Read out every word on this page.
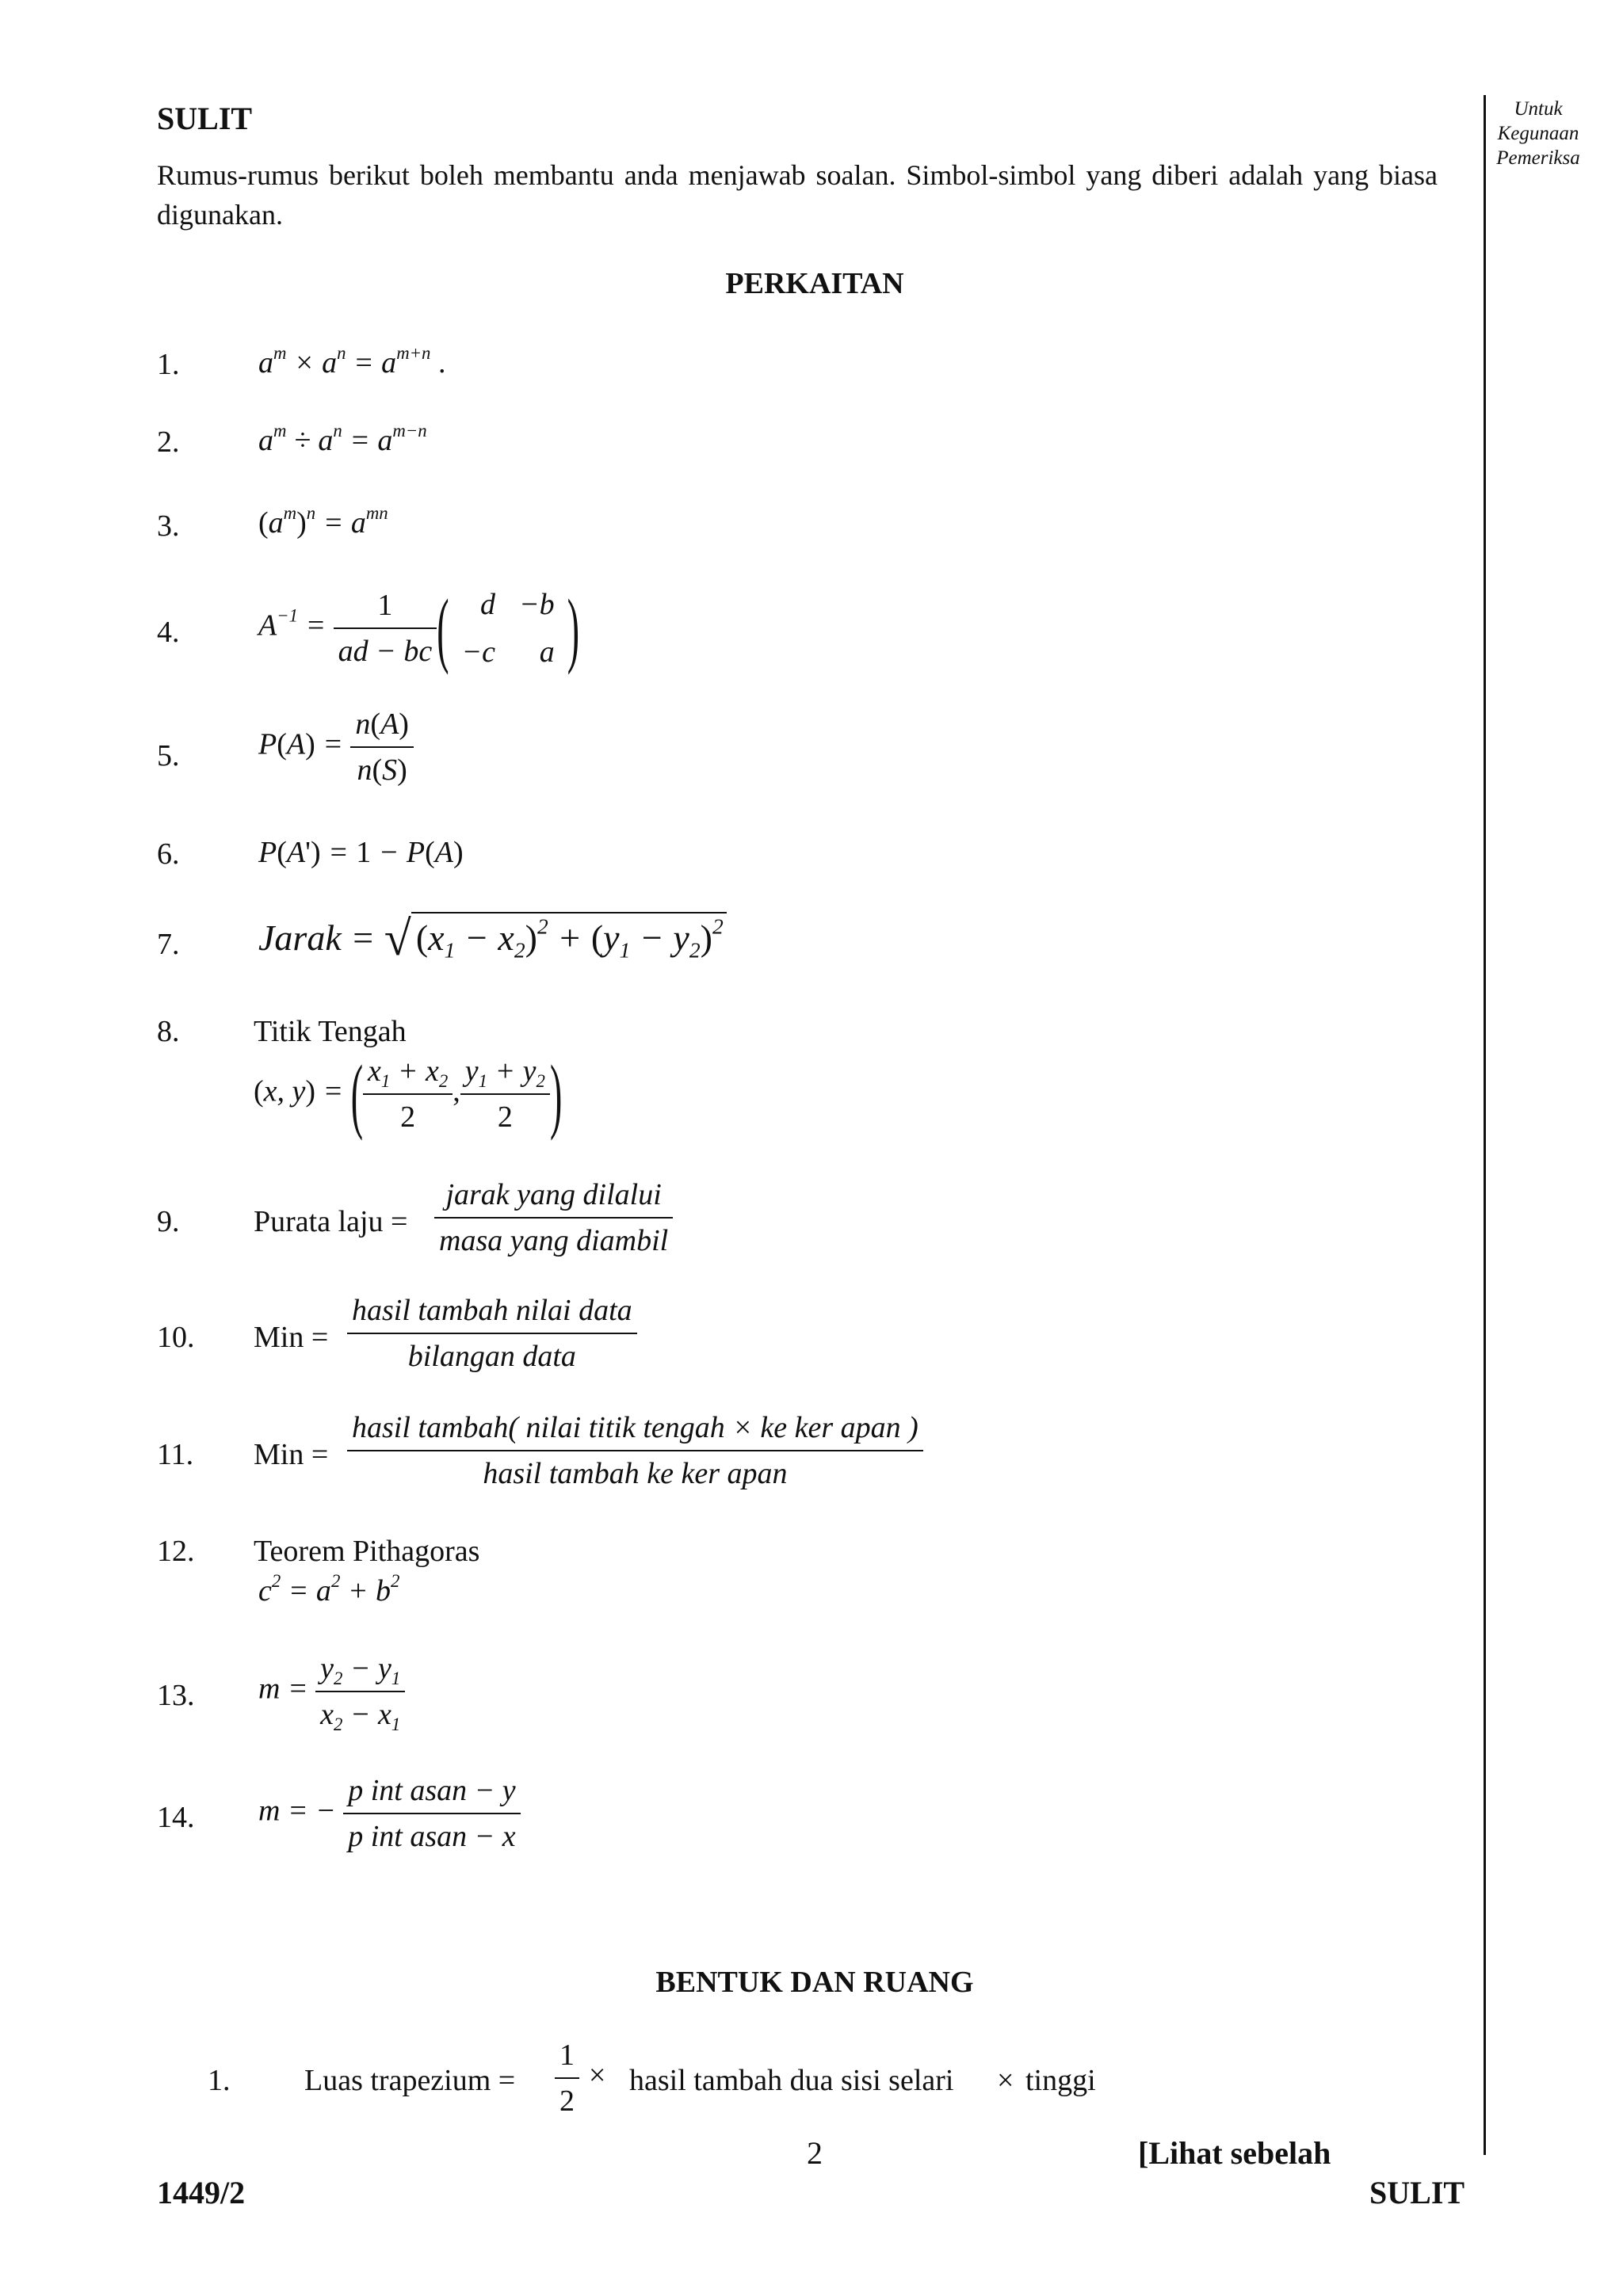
SULIT
Rumus-rumus berikut boleh membantu anda menjawab soalan. Simbol-simbol yang diberi adalah yang biasa digunakan.
Untuk
Kegunaan
Pemeriksa
PERKAITAN
1.	$a^m \times a^n = a^{m+n}$ .
2.	$a^m \div a^n = a^{m-n}$
3.	$(a^m)^n = a^{mn}$
4.	$A^{-1} = \frac{1}{ad - bc}$ ( d	−b
−c	a )
5.	$P(A) = \frac{n(A)}{n(S)}$
6.	P(A') = 1 − P(A)
7. Jarak = √ $(x_1 - x_2)^2 + (y_1 - y_2)^2$
8. Titik Tengah
(x, y) = ( $\frac{x_1 + x_2}{2}$ , $\frac{y_1 + y_2}{2}$ )
9. Purata laju = $\frac{\text{jarak yang dilalui}}{\text{masa yang diambil}}$
10. Min = $\frac{\text{hasil tambah nilai data}}{\text{bilangan data}}$
11. Min = $\frac{\text{hasil tambah( nilai titik tengah × ke ker apan )}}{\text{hasil tambah ke ker apan}}$
12. Teorem Pithagoras
$c^2 = a^2 + b^2$
13. $m = \frac{y_2 - y_1}{x_2 - x_1}$
14. m = − $\frac{\text{p int asan − y}}{\text{p int asan − x}}$
BENTUK DAN RUANG
1. Luas trapezium = $\frac{1}{2}$ × hasil tambah dua sisi selari × tinggi
2	[Lihat sebelah
1449/2	SULIT
